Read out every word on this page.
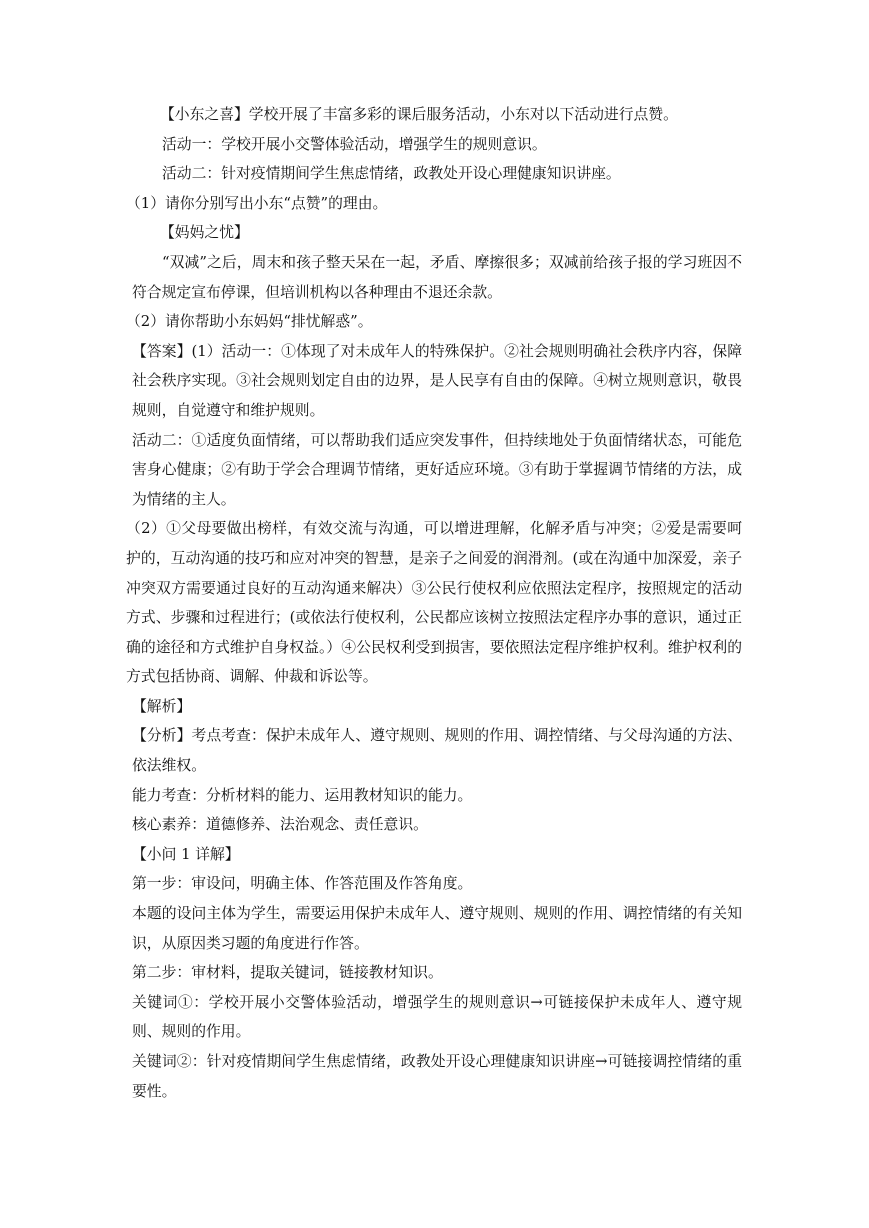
【小东之喜】学校开展了丰富多彩的课后服务活动，小东对以下活动进行点赞。

活动一：学校开展小交警体验活动，增强学生的规则意识。

活动二：针对疫情期间学生焦虑情绪，政教处开设心理健康知识讲座。

（1）请你分别写出小东“点赞”的理由。

【妈妈之忧】

“双减”之后，周末和孩子整天呆在一起，矛盾、摩擦很多；双减前给孩子报的学习班因不符合规定宣布停课，但培训机构以各种理由不退还余款。

（2）请你帮助小东妈妈“排忧解惑”。

【答案】(1）活动一：①体现了对未成年人的特殊保护。②社会规则明确社会秩序内容，保障社会秩序实现。③社会规则划定自由的边界，是人民享有自由的保障。④树立规则意识，敬畏规则，自觉遵守和维护规则。

活动二：①适度负面情绪，可以帮助我们适应突发事件，但持续地处于负面情绪状态，可能危害身心健康；②有助于学会合理调节情绪，更好适应环境。③有助于掌握调节情绪的方法，成为情绪的主人。

（2）①父母要做出榜样，有效交流与沟通，可以增进理解，化解矛盾与冲突；②爱是需要呵护的，互动沟通的技巧和应对冲突的智慧，是亲子之间爱的润滑剂。(或在沟通中加深爱，亲子冲突双方需要通过良好的互动沟通来解决）③公民行使权利应依照法定程序，按照规定的活动方式、步骤和过程进行；(或依法行使权利，公民都应该树立按照法定程序办事的意识，通过正确的途径和方式维护自身权益。）④公民权利受到损害，要依照法定程序维护权利。维护权利的方式包括协商、调解、仲裁和诉讼等。

【解析】

【分析】考点考查：保护未成年人、遵守规则、规则的作用、调控情绪、与父母沟通的方法、依法维权。

能力考查：分析材料的能力、运用教材知识的能力。

核心素养：道德修养、法治观念、责任意识。

【小问 1 详解】

第一步：审设问，明确主体、作答范围及作答角度。

本题的设问主体为学生，需要运用保护未成年人、遵守规则、规则的作用、调控情绪的有关知识，从原因类习题的角度进行作答。

第二步：审材料，提取关键词，链接教材知识。

关键词①：学校开展小交警体验活动，增强学生的规则意识→可链接保护未成年人、遵守规则、规则的作用。

关键词②：针对疫情期间学生焦虑情绪，政教处开设心理健康知识讲座→可链接调控情绪的重要性。
